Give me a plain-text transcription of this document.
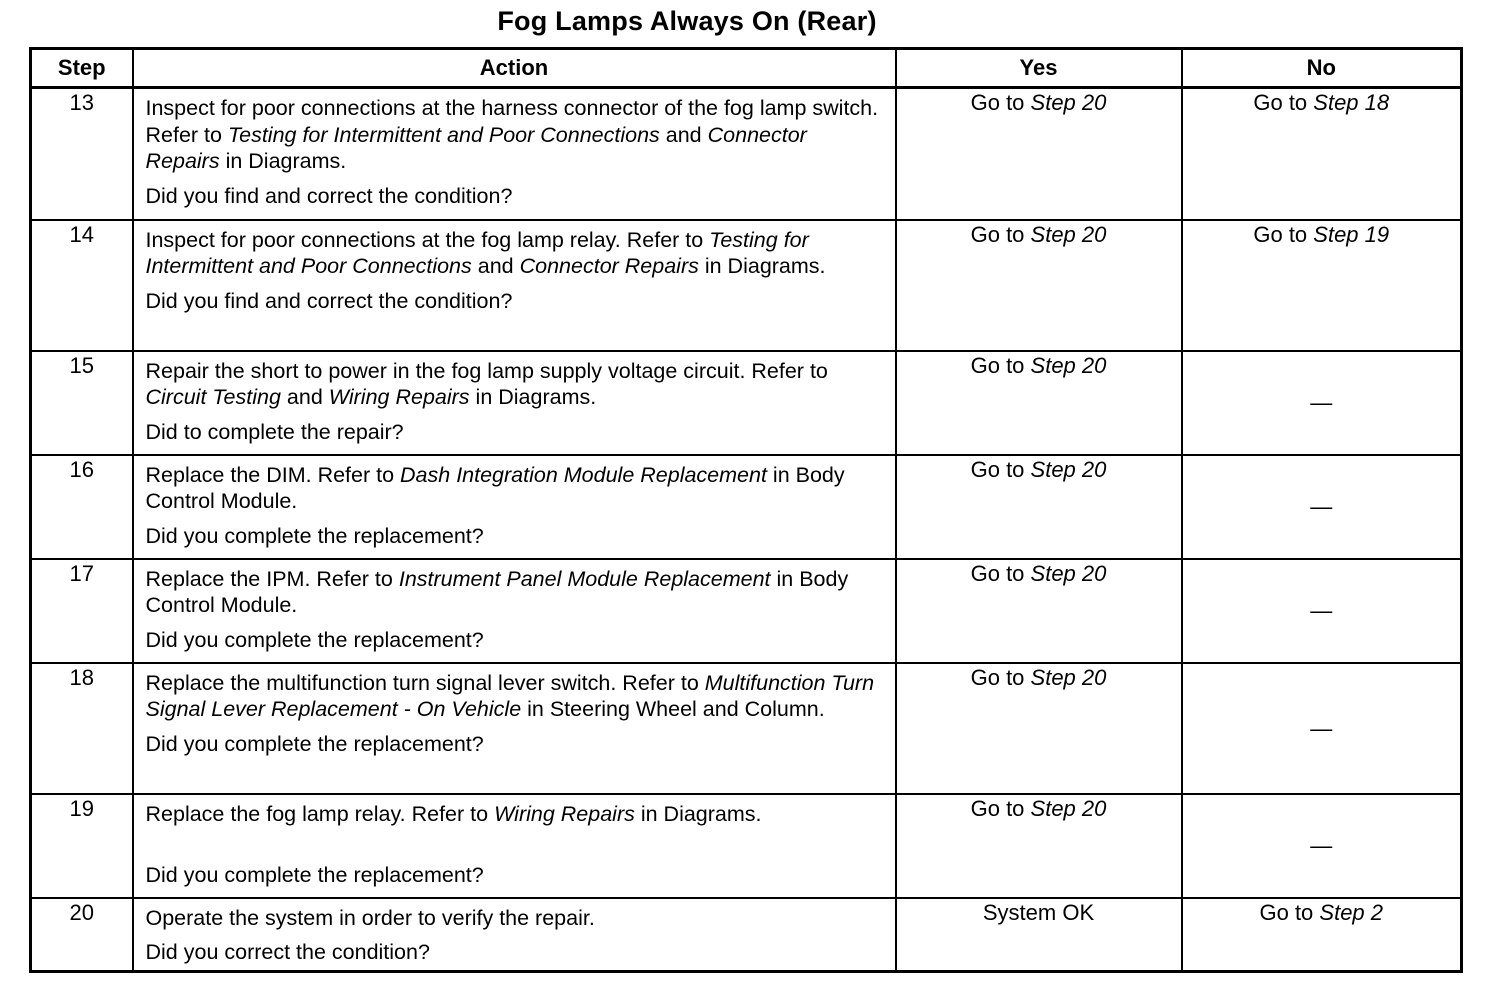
Fog Lamps Always On (Rear)
Step	Action	Yes	No
13	Inspect for poor connections at the harness connector of the fog lamp switch. Refer to Testing for Intermittent and Poor Connections and Connector Repairs in Diagrams.
Did you find and correct the condition?	Go to Step 20	Go to Step 18
14	Inspect for poor connections at the fog lamp relay. Refer to Testing for Intermittent and Poor Connections and Connector Repairs in Diagrams.
Did you find and correct the condition?	Go to Step 20	Go to Step 19
15	Repair the short to power in the fog lamp supply voltage circuit. Refer to Circuit Testing and Wiring Repairs in Diagrams.
Did to complete the repair?	Go to Step 20	—
16	Replace the DIM. Refer to Dash Integration Module Replacement in Body Control Module.
Did you complete the replacement?	Go to Step 20	—
17	Replace the IPM. Refer to Instrument Panel Module Replacement in Body Control Module.
Did you complete the replacement?	Go to Step 20	—
18	Replace the multifunction turn signal lever switch. Refer to Multifunction Turn Signal Lever Replacement - On Vehicle in Steering Wheel and Column.
Did you complete the replacement?	Go to Step 20	—
19	Replace the fog lamp relay. Refer to Wiring Repairs in Diagrams.
Did you complete the replacement?	Go to Step 20	—
20	Operate the system in order to verify the repair.
Did you correct the condition?	System OK	Go to Step 2
